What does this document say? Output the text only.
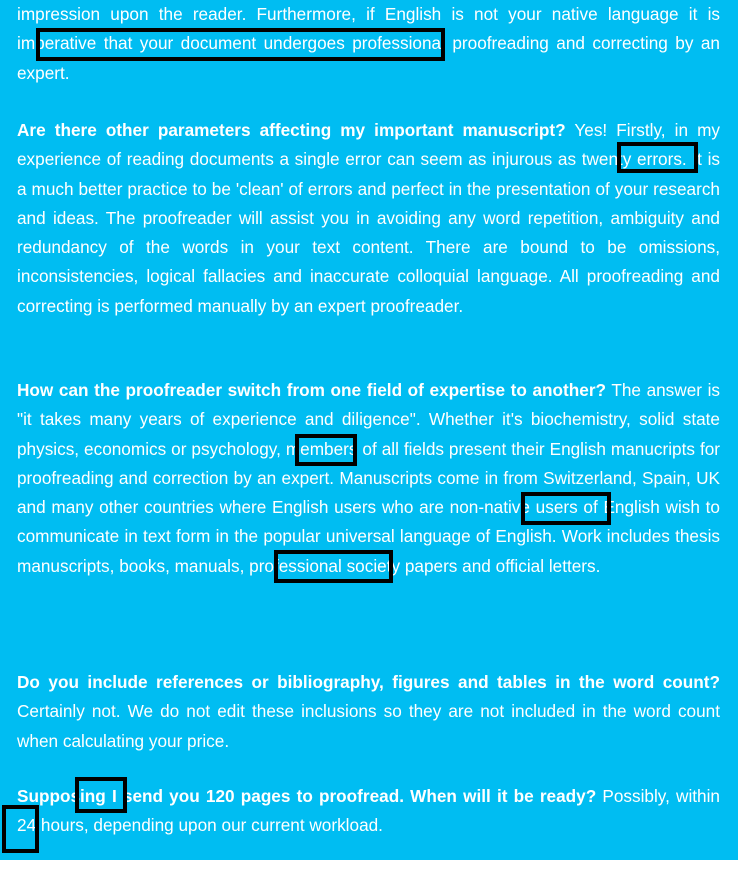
impression upon the reader. Furthermore, if English is not your native language it is imperative that your document undergoes professional proofreading and correcting by an expert.

Are there other parameters affecting my important manuscript? Yes! Firstly, in my experience of reading documents a single error can seem as injurous as twenty errors. It is a much better practice to be 'clean' of errors and perfect in the presentation of your research and ideas. The proofreader will assist you in avoiding any word repetition, ambiguity and redundancy of the words in your text content. There are bound to be omissions, inconsistencies, logical fallacies and inaccurate colloquial language. All proofreading and correcting is performed manually by an expert proofreader.

How can the proofreader switch from one field of expertise to another? The answer is "it takes many years of experience and diligence". Whether it's biochemistry, solid state physics, economics or psychology, members of all fields present their English manucripts for proofreading and correction by an expert. Manuscripts come in from Switzerland, Spain, UK and many other countries where English users who are non-native users of English wish to communicate in text form in the popular universal language of English. Work includes thesis manuscripts, books, manuals, professional society papers and official letters.

Do you include references or bibliography, figures and tables in the word count? Certainly not. We do not edit these inclusions so they are not included in the word count when calculating your price.

Supposing I send you 120 pages to proofread. When will it be ready? Possibly, within 24 hours, depending upon our current workload.
